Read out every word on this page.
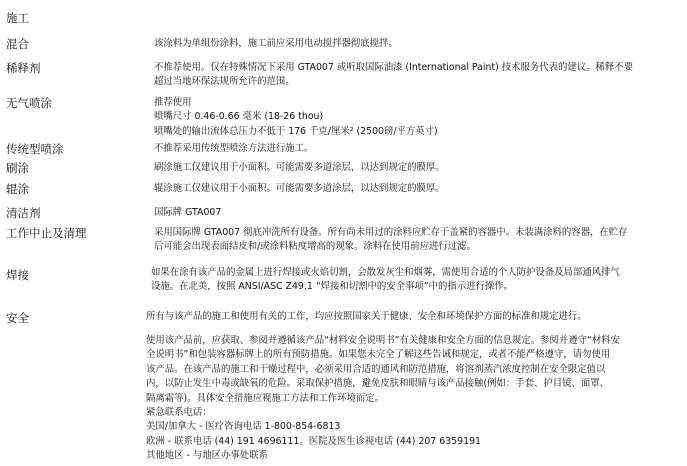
施工
混合	该涂料为单组份涂料，施工前应采用电动搅拌器彻底搅拌。
稀释剂	不推荐使用。仅在特殊情况下采用 GTA007 或听取国际油漆 (International Paint) 技术服务代表的建议。稀释不要
超过当地环保法规所允许的范围。
无气喷涂	推荐使用
喷嘴尺寸 0.46-0.66 毫米 (18-26 thou)
喷嘴处的输出流体总压力不低于 176 千克/厘米² (2500磅/平方英寸)
传统型喷涂	不推荐采用传统型喷涂方法进行施工。
刷涂	刷涂施工仅建议用于小面积。可能需要多道涂层，以达到规定的膜厚。
辊涂	辊涂施工仅建议用于小面积。可能需要多道涂层，以达到规定的膜厚。
清洁剂	国际牌 GTA007
工作中止及清理	采用国际牌 GTA007 彻底冲洗所有设备。所有尚未用过的涂料应贮存于盖紧的容器中。未装满涂料的容器，在贮存
后可能会出现表面结皮和/或涂料粘度增高的现象。涂料在使用前应进行过滤。
焊接	如果在涂有该产品的金属上进行焊接或火焰切割，会散发灰尘和烟雾，需使用合适的个人防护设备及局部通风排气
设施。在北美，按照 ANSI/ASC Z49.1 “焊接和切割中的安全事项”中的指示进行操作。
安全	所有与该产品的施工和使用有关的工作，均应按照国家关于健康、安全和环境保护方面的标准和规定进行。
使用该产品前，应获取、参阅并遵循该产品“材料安全说明书”有关健康和安全方面的信息规定。参阅并遵守“材料安
全说明书”和包装容器标牌上的所有预防措施。如果您未完全了解这些告诫和规定，或者不能严格遵守，请勿使用
该产品。在该产品的施工和干燥过程中，必须采用合适的通风和防范措施，将溶剂蒸汽浓度控制在安全限定值以
内，以防止发生中毒或缺氧的危险。采取保护措施，避免皮肤和眼睛与该产品接触(例如：手套、护目镜、面罩、
隔离霜等)。具体安全措施应视施工方法和工作环境而定。
紧急联系电话：
美国/加拿大 - 医疗咨询电话 1-800-854-6813
欧洲 - 联系电话 (44) 191 4696111。医院及医生诊视电话 (44) 207 6359191
其他地区 - 与地区办事处联系
